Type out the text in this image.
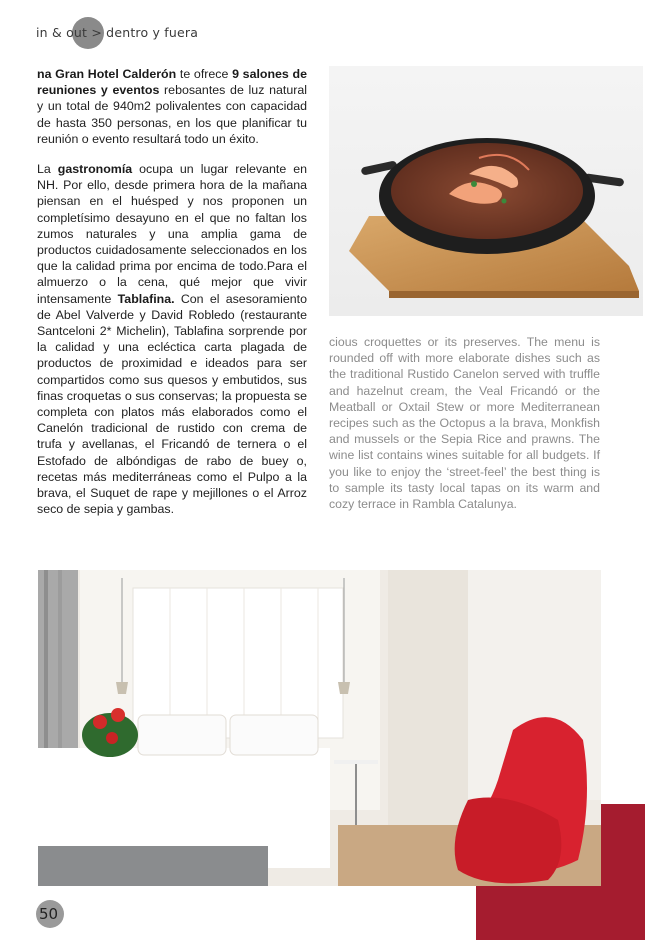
in & out > dentro y fuera

na Gran Hotel Calderón te ofrece 9 salones de reuniones y eventos rebosantes de luz natural y un total de 940m2 polivalentes con capacidad de hasta 350 personas, en los que planificar tu reunión o evento resultará todo un éxito.

La gastronomía ocupa un lugar relevante en NH. Por ello, desde primera hora de la mañana piensan en el huésped y nos proponen un completísimo desayuno en el que no faltan los zumos naturales y una amplia gama de productos cuidadosamente seleccionados en los que la calidad prima por encima de todo.Para el almuerzo o la cena, qué mejor que vivir intensamente Tablafina. Con el asesoramiento de Abel Valverde y David Robledo (restaurante Santceloni 2* Michelin), Tablafina sorprende por la calidad y una ecléctica carta plagada de productos de proximidad e ideados para ser compartidos como sus quesos y embutidos, sus finas croquetas o sus conservas; la propuesta se completa con platos más elaborados como el Canelón tradicional de rustido con crema de trufa y avellanas, el Fricandó de ternera o el Estofado de albóndigas de rabo de buey o, recetas más mediterráneas como el Pulpo a la brava, el Suquet de rape y mejillones o el Arroz seco de sepia y gambas.

cious croquettes or its preserves. The menu is rounded off with more elaborate dishes such as the traditional Rustido Canelon served with truffle and hazelnut cream, the Veal Fricandó or the Meatball or Oxtail Stew or more Mediterranean recipes such as the Octopus a la brava, Monkfish and mussels or the Sepia Rice and prawns. The wine list contains wines suitable for all budgets. If you like to enjoy the ‘street-feel’ the best thing is to sample its tasty local tapas on its warm and cozy terrace in Rambla Catalunya.

50
